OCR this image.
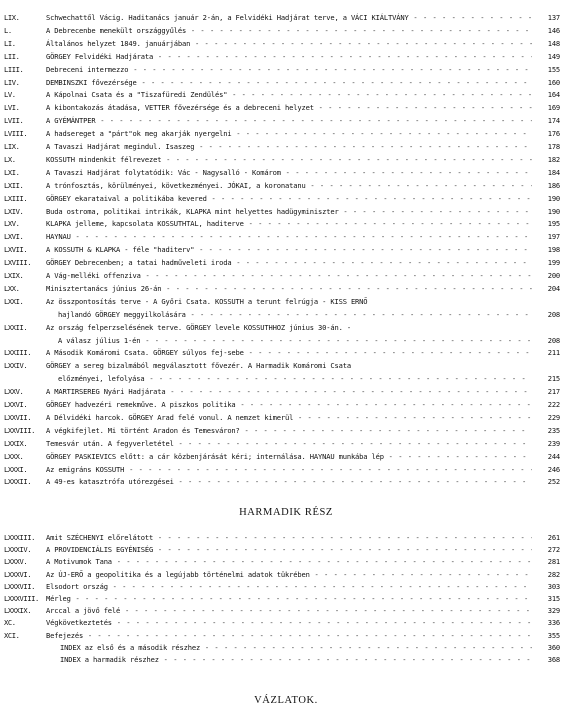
LIX.	Schwechattől Vácig. Haditanács január 2-án, a Felvidéki Hadjárat terve, a VÁCI KIÁLTVÁNY - - -	137
L.	A Debrecenbe menekült országgyűlés - - -	146
LI.	Általános helyzet 1849. januárjában - - -	148
LII.	GÖRGEY Felvidéki Hadjárata - - -	149
LIII.	Debreceni intermezzo - - -	155
LIV.	DEMBINSZKI fővezérsége - - -	160
LV.	A Kápolnai Csata és a "Tiszafüredi Zendülés" - - -	164
LVI.	A kibontakozás átadása, VETTER fővezérsége és a debreceni helyzet - - -	169
LVII.	A GYÉMÁNTPER - - -	174
LVIII.	A hadsereget a "párt"ok meg akarják nyergelni - - -	176
LIX.	A Tavaszi Hadjárat megindul. Isaszeg - - -	178
LX.	KOSSUTH mindenkit félrevezet - - -	182
LXI.	A Tavaszi Hadjárat folytatódik: Vác - Nagysalló - Komárom - - -	184
LXII.	A trónfosztás, körülményei, következményei. JÓKAI, a koronatanu - - -	186
LXIII.	GÖRGEY ekarataival a politikába kevered - - -	190
LXIV.	Buda ostroma, politikai intrikák, KLAPKA mint helyettes hadügyminiszter - - -	190
LXV.	KLAPKA jelleme, kapcsolata KOSSUTHTAL, haditerve - - -	195
LXVI.	HAYNAU - - -	197
LXVII.	A KOSSUTH & KLAPKA - féle "haditerv" - - -	198
LXVIII.	GÖRGEY Debrecenben; a tatai hadműveleti iroda - - -	199
LXIX.	A Vág-melléki offenziva - - -	200
LXX.	Minisztertanács június 26-án - - -	204
LXXI.	Az összpontosítás terve - A Győri Csata. KOSSUTH a terunt felrúgja - KISS ERNŐ
hajlandó GÖRGEY meggyilkolására - - -	208
LXXII.	Az ország felperzselésének terve. GÖRGEY levele KOSSUTHHOZ június 30-án. -
A válasz július 1-én - - -	208
LXXIII.	A Második Komáromi Csata. GÖRGEY súlyos fej-sebe - - -	211
LXXIV.	GÖRGEY a sereg bizalmából megválasztott fővezér. A Harmadik Komáromi Csata
előzményei, lefolyása - - -	215
LXXV.	A MARTIRSEREG Nyári Hadjárata - - -	217
LXXVI.	GÖRGEY hadvezéri remekműve. A piszkos politika - - -	222
LXXVII.	A Délvidéki harcok. GÖRGEY Arad felé vonul. A nemzet kimerül - - -	229
LXXVIII.	A végkifejlet. Mi történt Aradon és Temesváron? - - -	235
LXXIX.	Temesvár után. A fegyverletétel - - -	239
LXXX.	GÖRGEY PASKIEVICS előtt: a cár közbenjárását kéri; internálása. HAYNAU munkába lép - - -	244
LXXXI.	Az emigráns KOSSUTH - - -	246
LXXXII.	A 49-es katasztrófa utórezgései - - -	252
HARMADIK RÉSZ
LXXXIII.	Amit SZÉCHENYI előrelátott - - -	261
LXXXIV.	A PROVIDENCIÁLIS EGYÉNISÉG - - -	272
LXXXV.	A Motivumok Tana - - -	281
LXXXVI.	Az ÚJ-ERŐ a geopolitika és a legújabb történelmi adatok tükrében - - -	282
LXXXVII.	Elsodort ország - - -	303
LXXXVIII.	Mérleg - - -	315
LXXXIX.	Arccal a jövő felé - - -	329
XC.	Végkövetkeztetés - - -	336
XCI.	Befejezés - - -	355
INDEX az első és a második részhez - - -	360
INDEX a harmadik részhez - - -	368
VÁZLATOK.
